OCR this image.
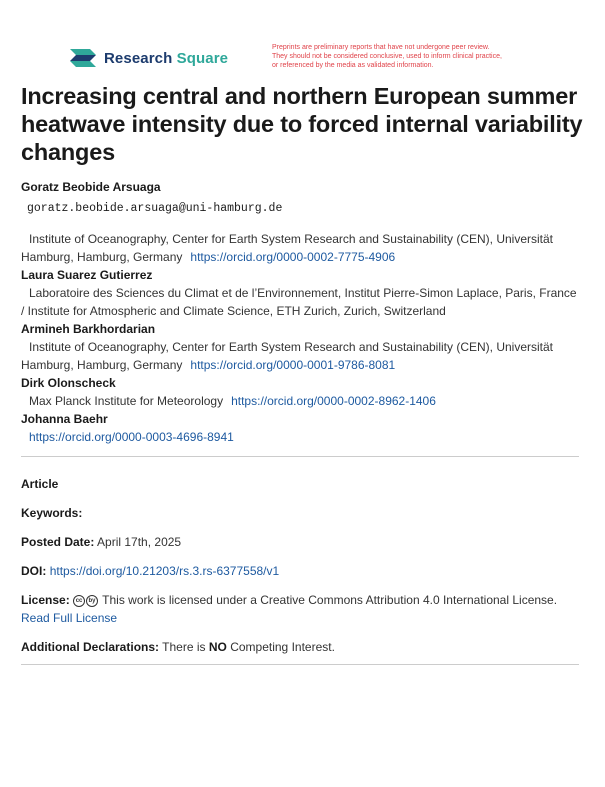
Research Square
Preprints are preliminary reports that have not undergone peer review.
They should not be considered conclusive, used to inform clinical practice,
or referenced by the media as validated information.
Increasing central and northern European summer heatwave intensity due to forced internal variability changes
Goratz Beobide Arsuaga
goratz.beobide.arsuaga@uni-hamburg.de
Institute of Oceanography, Center for Earth System Research and Sustainability (CEN), Universität Hamburg, Hamburg, Germany https://orcid.org/0000-0002-7775-4906
Laura Suarez Gutierrez
Laboratoire des Sciences du Climat et de l’Environnement, Institut Pierre-Simon Laplace, Paris, France / Institute for Atmospheric and Climate Science, ETH Zurich, Zurich, Switzerland
Armineh Barkhordarian
Institute of Oceanography, Center for Earth System Research and Sustainability (CEN), Universität Hamburg, Hamburg, Germany https://orcid.org/0000-0001-9786-8081
Dirk Olonscheck
Max Planck Institute for Meteorology https://orcid.org/0000-0002-8962-1406
Johanna Baehr
https://orcid.org/0000-0003-4696-8941
Article
Keywords:
Posted Date: April 17th, 2025
DOI: https://doi.org/10.21203/rs.3.rs-6377558/v1
License: cc by This work is licensed under a Creative Commons Attribution 4.0 International License.
Read Full License
Additional Declarations: There is NO Competing Interest.
